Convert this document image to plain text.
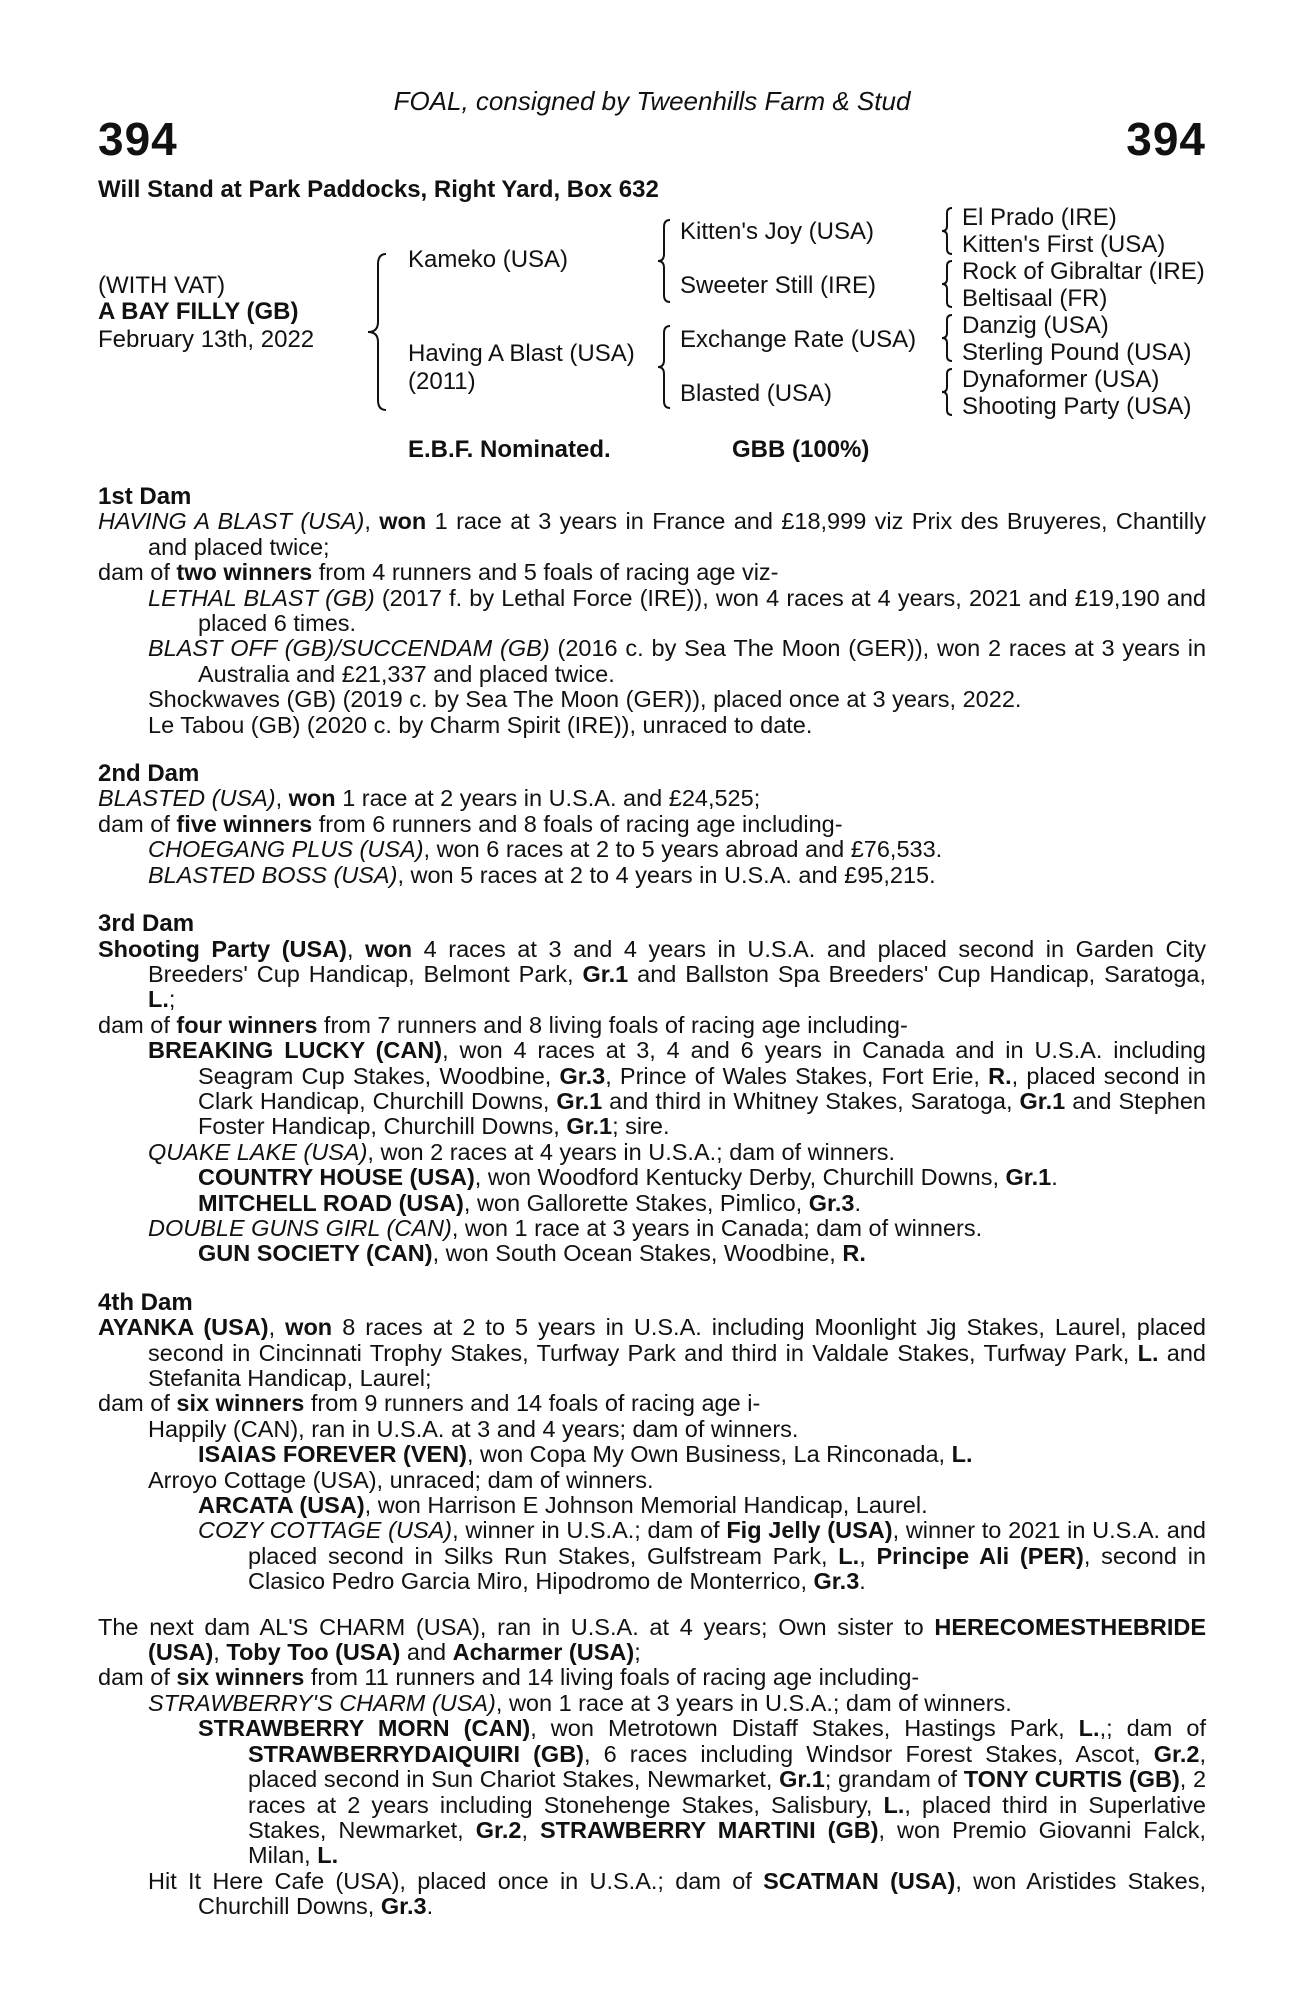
FOAL, consigned by Tweenhills Farm & Stud
394	394
Will Stand at Park Paddocks, Right Yard, Box 632
(WITH VAT)
A BAY FILLY (GB)
February 13th, 2022
Kameko (USA)
Having A Blast (USA)
(2011)
Kitten's Joy (USA)
Sweeter Still (IRE)
Exchange Rate (USA)
Blasted (USA)
El Prado (IRE)
Kitten's First (USA)
Rock of Gibraltar (IRE)
Beltisaal (FR)
Danzig (USA)
Sterling Pound (USA)
Dynaformer (USA)
Shooting Party (USA)
E.B.F. Nominated.	GBB (100%)

1st Dam

HAVING A BLAST (USA), won 1 race at 3 years in France and £18,999 viz Prix des Bruyeres, Chantilly and placed twice;

dam of two winners from 4 runners and 5 foals of racing age viz-

LETHAL BLAST (GB) (2017 f. by Lethal Force (IRE)), won 4 races at 4 years, 2021 and £19,190 and placed 6 times.

BLAST OFF (GB)/SUCCENDAM (GB) (2016 c. by Sea The Moon (GER)), won 2 races at 3 years in Australia and £21,337 and placed twice.

Shockwaves (GB) (2019 c. by Sea The Moon (GER)), placed once at 3 years, 2022.

Le Tabou (GB) (2020 c. by Charm Spirit (IRE)), unraced to date.

2nd Dam

BLASTED (USA), won 1 race at 2 years in U.S.A. and £24,525;

dam of five winners from 6 runners and 8 foals of racing age including-

CHOEGANG PLUS (USA), won 6 races at 2 to 5 years abroad and £76,533.

BLASTED BOSS (USA), won 5 races at 2 to 4 years in U.S.A. and £95,215.

3rd Dam

Shooting Party (USA), won 4 races at 3 and 4 years in U.S.A. and placed second in Garden City Breeders' Cup Handicap, Belmont Park, Gr.1 and Ballston Spa Breeders' Cup Handicap, Saratoga, L.;

dam of four winners from 7 runners and 8 living foals of racing age including-

BREAKING LUCKY (CAN), won 4 races at 3, 4 and 6 years in Canada and in U.S.A. including Seagram Cup Stakes, Woodbine, Gr.3, Prince of Wales Stakes, Fort Erie, R., placed second in Clark Handicap, Churchill Downs, Gr.1 and third in Whitney Stakes, Saratoga, Gr.1 and Stephen Foster Handicap, Churchill Downs, Gr.1; sire.

QUAKE LAKE (USA), won 2 races at 4 years in U.S.A.; dam of winners.

COUNTRY HOUSE (USA), won Woodford Kentucky Derby, Churchill Downs, Gr.1.

MITCHELL ROAD (USA), won Gallorette Stakes, Pimlico, Gr.3.

DOUBLE GUNS GIRL (CAN), won 1 race at 3 years in Canada; dam of winners.

GUN SOCIETY (CAN), won South Ocean Stakes, Woodbine, R.

4th Dam

AYANKA (USA), won 8 races at 2 to 5 years in U.S.A. including Moonlight Jig Stakes, Laurel, placed second in Cincinnati Trophy Stakes, Turfway Park and third in Valdale Stakes, Turfway Park, L. and Stefanita Handicap, Laurel;

dam of six winners from 9 runners and 14 foals of racing age i-

Happily (CAN), ran in U.S.A. at 3 and 4 years; dam of winners.

ISAIAS FOREVER (VEN), won Copa My Own Business, La Rinconada, L.

Arroyo Cottage (USA), unraced; dam of winners.

ARCATA (USA), won Harrison E Johnson Memorial Handicap, Laurel.

COZY COTTAGE (USA), winner in U.S.A.; dam of Fig Jelly (USA), winner to 2021 in U.S.A. and placed second in Silks Run Stakes, Gulfstream Park, L., Principe Ali (PER), second in Clasico Pedro Garcia Miro, Hipodromo de Monterrico, Gr.3.

The next dam AL'S CHARM (USA), ran in U.S.A. at 4 years; Own sister to HERECOMESTHEBRIDE (USA), Toby Too (USA) and Acharmer (USA);

dam of six winners from 11 runners and 14 living foals of racing age including-

STRAWBERRY'S CHARM (USA), won 1 race at 3 years in U.S.A.; dam of winners.

STRAWBERRY MORN (CAN), won Metrotown Distaff Stakes, Hastings Park, L.,; dam of STRAWBERRYDAIQUIRI (GB), 6 races including Windsor Forest Stakes, Ascot, Gr.2, placed second in Sun Chariot Stakes, Newmarket, Gr.1; grandam of TONY CURTIS (GB), 2 races at 2 years including Stonehenge Stakes, Salisbury, L., placed third in Superlative Stakes, Newmarket, Gr.2, STRAWBERRY MARTINI (GB), won Premio Giovanni Falck, Milan, L.

Hit It Here Cafe (USA), placed once in U.S.A.; dam of SCATMAN (USA), won Aristides Stakes, Churchill Downs, Gr.3.
